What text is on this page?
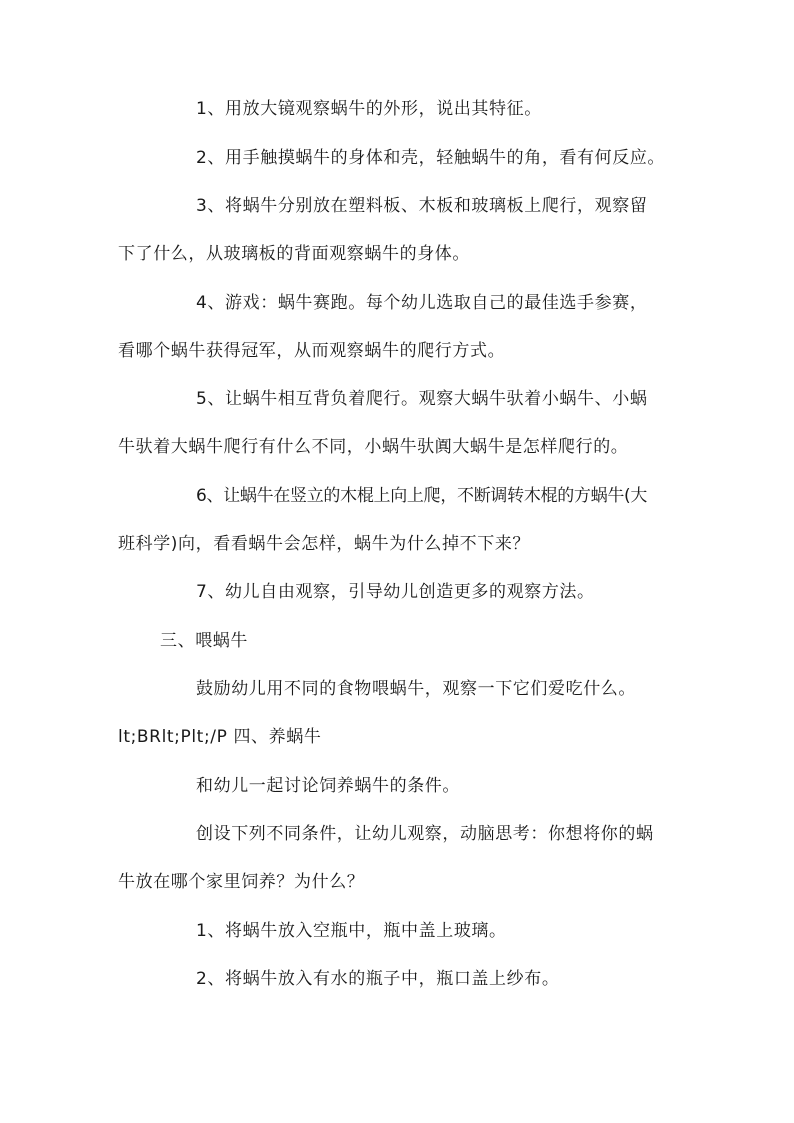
1、用放大镜观察蜗牛的外形，说出其特征。
2、用手触摸蜗牛的身体和壳，轻触蜗牛的角，看有何反应。
3、将蜗牛分别放在塑料板、木板和玻璃板上爬行，观察留
下了什么，从玻璃板的背面观察蜗牛的身体。
4、游戏：蜗牛赛跑。每个幼儿选取自己的最佳选手参赛，
看哪个蜗牛获得冠军，从而观察蜗牛的爬行方式。
5、让蜗牛相互背负着爬行。观察大蜗牛驮着小蜗牛、小蜗
牛驮着大蜗牛爬行有什么不同，小蜗牛驮阗大蜗牛是怎样爬行的。
6、让蜗牛在竖立的木棍上向上爬，不断调转木棍的方蜗牛(大
班科学)向，看看蜗牛会怎样，蜗牛为什么掉不下来？
7、幼儿自由观察，引导幼儿创造更多的观察方法。
三、喂蜗牛
鼓励幼儿用不同的食物喂蜗牛，观察一下它们爱吃什么。
lt;BRlt;Plt;/P 四、养蜗牛
和幼儿一起讨论饲养蜗牛的条件。
创设下列不同条件，让幼儿观察，动脑思考：你想将你的蜗
牛放在哪个家里饲养？为什么？
1、将蜗牛放入空瓶中，瓶中盖上玻璃。
2、将蜗牛放入有水的瓶子中，瓶口盖上纱布。
